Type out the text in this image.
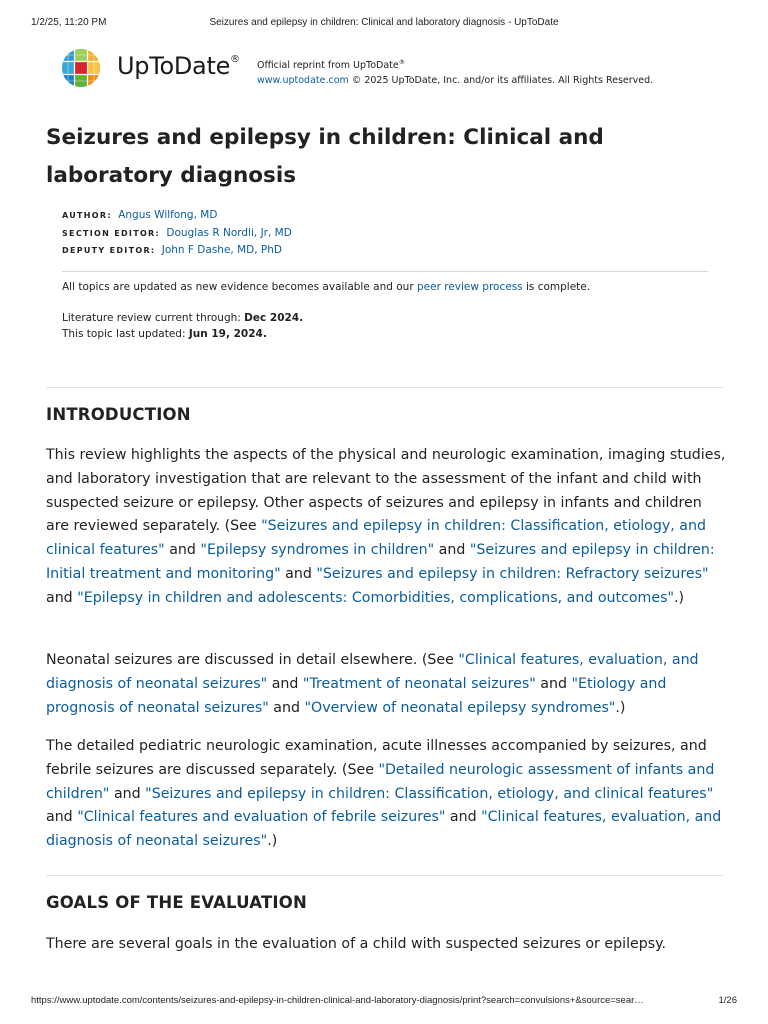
1/2/25, 11:20 PM	Seizures and epilepsy in children: Clinical and laboratory diagnosis - UpToDate
UpToDate®
Official reprint from UpToDate®
www.uptodate.com © 2025 UpToDate, Inc. and/or its affiliates. All Rights Reserved.
Seizures and epilepsy in children: Clinical and
laboratory diagnosis
AUTHOR: Angus Wilfong, MD
SECTION EDITOR: Douglas R Nordli, Jr, MD
DEPUTY EDITOR: John F Dashe, MD, PhD
All topics are updated as new evidence becomes available and our peer review process is complete.
Literature review current through: Dec 2024.
This topic last updated: Jun 19, 2024.
INTRODUCTION

This review highlights the aspects of the physical and neurologic examination, imaging studies, and laboratory investigation that are relevant to the assessment of the infant and child with suspected seizure or epilepsy. Other aspects of seizures and epilepsy in infants and children are reviewed separately. (See "Seizures and epilepsy in children: Classification, etiology, and clinical features" and "Epilepsy syndromes in children" and "Seizures and epilepsy in children: Initial treatment and monitoring" and "Seizures and epilepsy in children: Refractory seizures" and "Epilepsy in children and adolescents: Comorbidities, complications, and outcomes".)

Neonatal seizures are discussed in detail elsewhere. (See "Clinical features, evaluation, and diagnosis of neonatal seizures" and "Treatment of neonatal seizures" and "Etiology and prognosis of neonatal seizures" and "Overview of neonatal epilepsy syndromes".)

The detailed pediatric neurologic examination, acute illnesses accompanied by seizures, and febrile seizures are discussed separately. (See "Detailed neurologic assessment of infants and children" and "Seizures and epilepsy in children: Classification, etiology, and clinical features" and "Clinical features and evaluation of febrile seizures" and "Clinical features, evaluation, and diagnosis of neonatal seizures".)

GOALS OF THE EVALUATION

There are several goals in the evaluation of a child with suspected seizures or epilepsy.

https://www.uptodate.com/contents/seizures-and-epilepsy-in-children-clinical-and-laboratory-diagnosis/print?search=convulsions+&source=sear…	1/26
